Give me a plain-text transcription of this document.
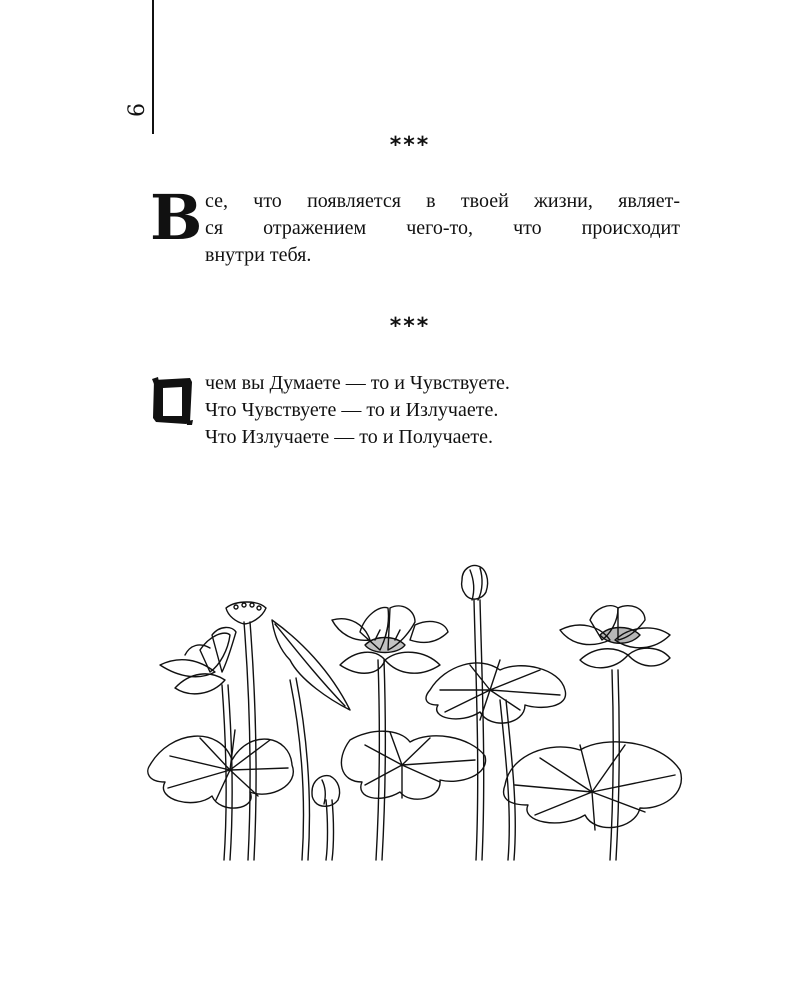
6
***
В се, что появляется в твоей жизни, являет-
ся отражением чего-то, что происходит
внутри тебя.
***
чем вы Думаете — то и Чувствуете.
Что Чувствуете — то и Излучаете.
Что Излучаете — то и Получаете.
